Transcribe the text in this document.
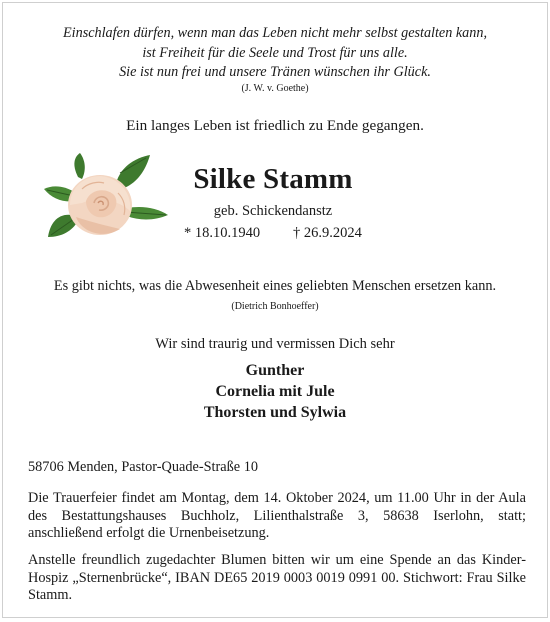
Einschlafen dürfen, wenn man das Leben nicht mehr selbst gestalten kann,
ist Freiheit für die Seele und Trost für uns alle.
Sie ist nun frei und unsere Tränen wünschen ihr Glück.
(J. W. v. Goethe)
Ein langes Leben ist friedlich zu Ende gegangen.
Silke Stamm
geb. Schickendanstz
* 18.10.1940 † 26.9.2024
Es gibt nichts, was die Abwesenheit eines geliebten Menschen ersetzen kann.
(Dietrich Bonhoeffer)
Wir sind traurig und vermissen Dich sehr
Gunther
Cornelia mit Jule
Thorsten und Sylwia
58706 Menden, Pastor-Quade-Straße 10
Die Trauerfeier findet am Montag, dem 14. Oktober 2024, um 11.00 Uhr in der Aula des Bestattungshauses Buchholz, Lilienthalstraße 3, 58638 Iserlohn, statt; anschließend erfolgt die Urnenbeisetzung.
Anstelle freundlich zugedachter Blumen bitten wir um eine Spende an das Kinder-Hospiz „Sternenbrücke“, IBAN DE65 2019 0003 0019 0991 00. Stichwort: Frau Silke Stamm.
